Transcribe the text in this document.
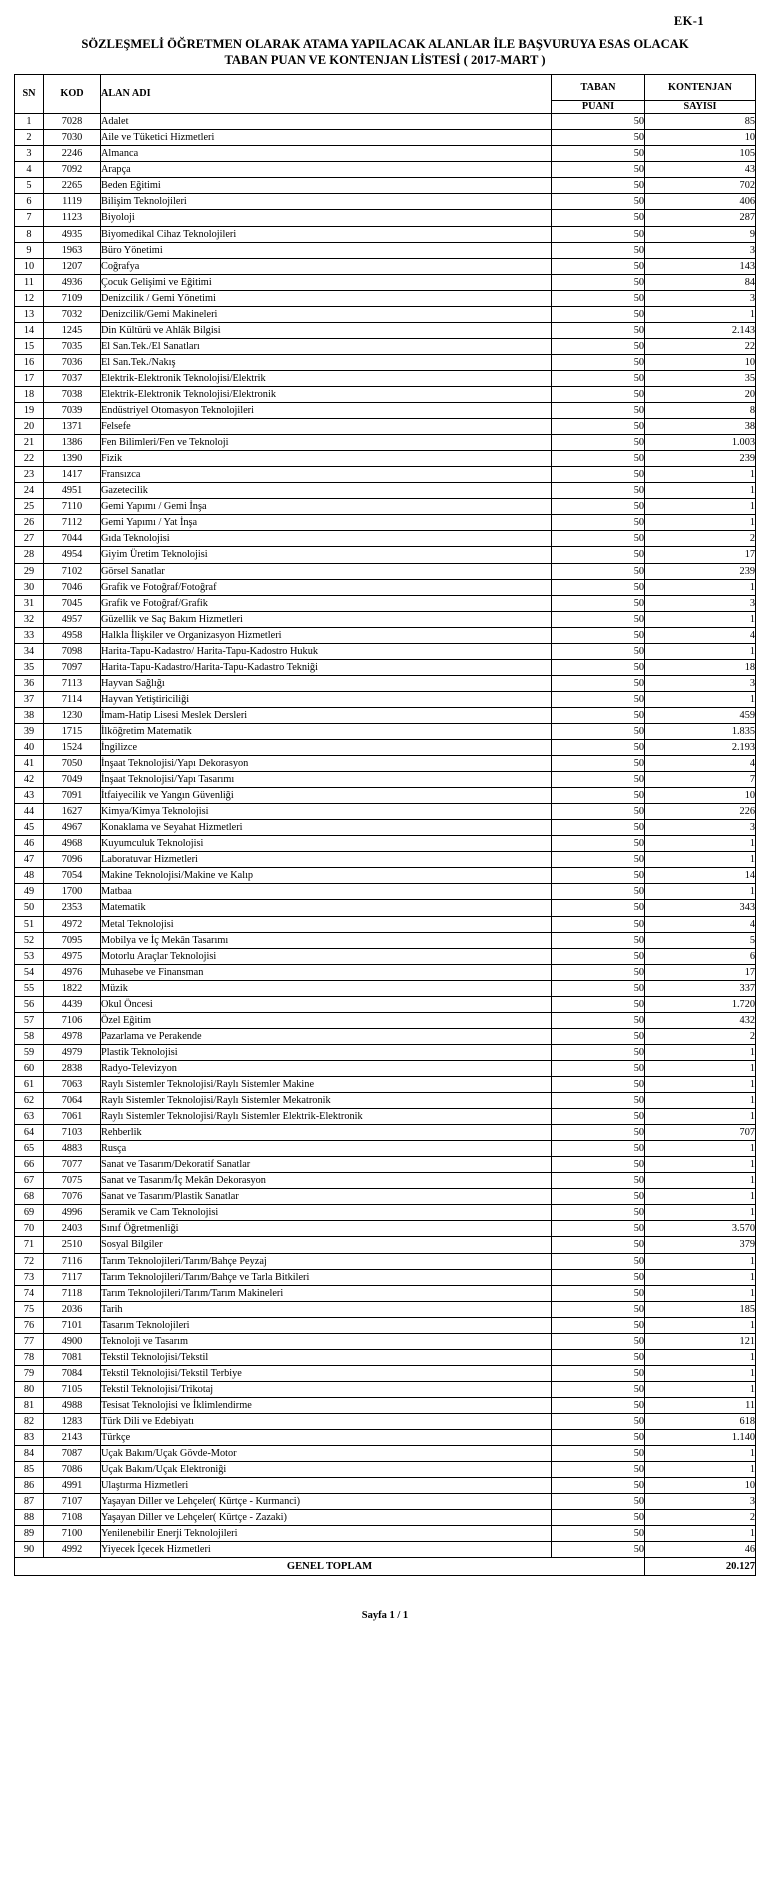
EK-1
SÖZLEŞMELİ ÖĞRETMEN OLARAK ATAMA YAPILACAK ALANLAR İLE BAŞVURUYA ESAS OLACAK
TABAN PUAN VE KONTENJAN LİSTESİ ( 2017-MART )
SN	KOD	ALAN ADI	TABAN	KONTENJAN
			PUANI	SAYISI
1	7028	Adalet	50	85
2	7030	Aile ve Tüketici Hizmetleri	50	10
3	2246	Almanca	50	105
4	7092	Arapça	50	43
5	2265	Beden Eğitimi	50	702
6	1119	Bilişim Teknolojileri	50	406
7	1123	Biyoloji	50	287
8	4935	Biyomedikal Cihaz Teknolojileri	50	9
9	1963	Büro Yönetimi	50	3
10	1207	Coğrafya	50	143
11	4936	Çocuk Gelişimi ve Eğitimi	50	84
12	7109	Denizcilik / Gemi Yönetimi	50	3
13	7032	Denizcilik/Gemi Makineleri	50	1
14	1245	Din Kültürü ve Ahlâk Bilgisi	50	2.143
15	7035	El San.Tek./El Sanatları	50	22
16	7036	El San.Tek./Nakış	50	10
17	7037	Elektrik-Elektronik Teknolojisi/Elektrik	50	35
18	7038	Elektrik-Elektronik Teknolojisi/Elektronik	50	20
19	7039	Endüstriyel Otomasyon Teknolojileri	50	8
20	1371	Felsefe	50	38
21	1386	Fen Bilimleri/Fen ve Teknoloji	50	1.003
22	1390	Fizik	50	239
23	1417	Fransızca	50	1
24	4951	Gazetecilik	50	1
25	7110	Gemi Yapımı / Gemi İnşa	50	1
26	7112	Gemi Yapımı / Yat İnşa	50	1
27	7044	Gıda Teknolojisi	50	2
28	4954	Giyim Üretim Teknolojisi	50	17
29	7102	Görsel Sanatlar	50	239
30	7046	Grafik ve Fotoğraf/Fotoğraf	50	1
31	7045	Grafik ve Fotoğraf/Grafik	50	3
32	4957	Güzellik ve Saç Bakım Hizmetleri	50	1
33	4958	Halkla İlişkiler ve Organizasyon Hizmetleri	50	4
34	7098	Harita-Tapu-Kadastro/ Harita-Tapu-Kadostro Hukuk	50	1
35	7097	Harita-Tapu-Kadastro/Harita-Tapu-Kadastro Tekniği	50	18
36	7113	Hayvan Sağlığı	50	3
37	7114	Hayvan Yetiştiriciliği	50	1
38	1230	İmam-Hatip Lisesi Meslek Dersleri	50	459
39	1715	İlköğretim Matematik	50	1.835
40	1524	İngilizce	50	2.193
41	7050	İnşaat Teknolojisi/Yapı Dekorasyon	50	4
42	7049	İnşaat Teknolojisi/Yapı Tasarımı	50	7
43	7091	İtfaiyecilik ve Yangın Güvenliği	50	10
44	1627	Kimya/Kimya Teknolojisi	50	226
45	4967	Konaklama ve Seyahat Hizmetleri	50	3
46	4968	Kuyumculuk Teknolojisi	50	1
47	7096	Laboratuvar Hizmetleri	50	1
48	7054	Makine Teknolojisi/Makine ve Kalıp	50	14
49	1700	Matbaa	50	1
50	2353	Matematik	50	343
51	4972	Metal Teknolojisi	50	4
52	7095	Mobilya ve İç Mekân Tasarımı	50	5
53	4975	Motorlu Araçlar Teknolojisi	50	6
54	4976	Muhasebe ve Finansman	50	17
55	1822	Müzik	50	337
56	4439	Okul Öncesi	50	1.720
57	7106	Özel Eğitim	50	432
58	4978	Pazarlama ve Perakende	50	2
59	4979	Plastik Teknolojisi	50	1
60	2838	Radyo-Televizyon	50	1
61	7063	Raylı Sistemler Teknolojisi/Raylı Sistemler Makine	50	1
62	7064	Raylı Sistemler Teknolojisi/Raylı Sistemler Mekatronik	50	1
63	7061	Raylı Sistemler Teknolojisi/Raylı Sistemler Elektrik-Elektronik	50	1
64	7103	Rehberlik	50	707
65	4883	Rusça	50	1
66	7077	Sanat ve Tasarım/Dekoratif Sanatlar	50	1
67	7075	Sanat ve Tasarım/İç Mekân Dekorasyon	50	1
68	7076	Sanat ve Tasarım/Plastik Sanatlar	50	1
69	4996	Seramik ve Cam Teknolojisi	50	1
70	2403	Sınıf Öğretmenliği	50	3.570
71	2510	Sosyal Bilgiler	50	379
72	7116	Tarım Teknolojileri/Tarım/Bahçe Peyzaj	50	1
73	7117	Tarım Teknolojileri/Tarım/Bahçe ve Tarla Bitkileri	50	1
74	7118	Tarım Teknolojileri/Tarım/Tarım Makineleri	50	1
75	2036	Tarih	50	185
76	7101	Tasarım Teknolojileri	50	1
77	4900	Teknoloji ve Tasarım	50	121
78	7081	Tekstil Teknolojisi/Tekstil	50	1
79	7084	Tekstil Teknolojisi/Tekstil Terbiye	50	1
80	7105	Tekstil Teknolojisi/Trikotaj	50	1
81	4988	Tesisat Teknolojisi ve İklimlendirme	50	11
82	1283	Türk Dili ve Edebiyatı	50	618
83	2143	Türkçe	50	1.140
84	7087	Uçak Bakım/Uçak Gövde-Motor	50	1
85	7086	Uçak Bakım/Uçak Elektroniği	50	1
86	4991	Ulaştırma Hizmetleri	50	10
87	7107	Yaşayan Diller ve Lehçeler( Kürtçe - Kurmanci)	50	3
88	7108	Yaşayan Diller ve Lehçeler( Kürtçe - Zazaki)	50	2
89	7100	Yenilenebilir Enerji Teknolojileri	50	1
90	4992	Yiyecek İçecek Hizmetleri	50	46
GENEL TOPLAM				20.127
Sayfa 1 / 1
